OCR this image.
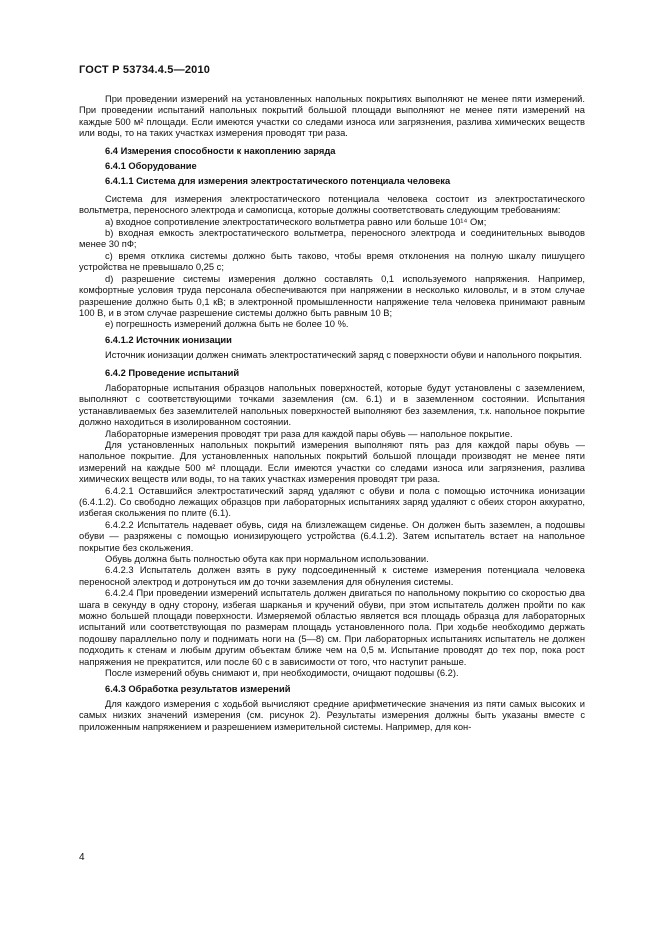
ГОСТ Р 53734.4.5—2010

При проведении измерений на установленных напольных покрытиях выполняют не менее пяти измерений. При проведении испытаний напольных покрытий большой площади выполняют не менее пяти измерений на каждые 500 м² площади. Если имеются участки со следами износа или загрязнения, разлива химических веществ или воды, то на таких участках измерения проводят три раза.

6.4 Измерения способности к накоплению заряда

6.4.1 Оборудование

6.4.1.1 Система для измерения электростатического потенциала человека

Система для измерения электростатического потенциала человека состоит из электростатического вольтметра, переносного электрода и самописца, которые должны соответствовать следующим требованиям:

a) входное сопротивление электростатического вольтметра равно или больше 10¹⁴ Ом;

b) входная емкость электростатического вольтметра, переносного электрода и соединительных выводов менее 30 пФ;

c) время отклика системы должно быть таково, чтобы время отклонения на полную шкалу пишущего устройства не превышало 0,25 с;

d) разрешение системы измерения должно составлять 0,1 используемого напряжения. Например, комфортные условия труда персонала обеспечиваются при напряжении в несколько киловольт, и в этом случае разрешение должно быть 0,1 кВ; в электронной промышленности напряжение тела человека принимают равным 100 В, и в этом случае разрешение системы должно быть равным 10 В;

e) погрешность измерений должна быть не более 10 %.

6.4.1.2 Источник ионизации

Источник ионизации должен снимать электростатический заряд с поверхности обуви и напольного покрытия.

6.4.2 Проведение испытаний

Лабораторные испытания образцов напольных поверхностей, которые будут установлены с заземлением, выполняют с соответствующими точками заземления (см. 6.1) и в заземленном состоянии. Испытания устанавливаемых без заземлителей напольных поверхностей выполняют без заземления, т.к. напольное покрытие должно находиться в изолированном состоянии.

Лабораторные измерения проводят три раза для каждой пары обувь — напольное покрытие.

Для установленных напольных покрытий измерения выполняют пять раз для каждой пары обувь — напольное покрытие. Для установленных напольных покрытий большой площади производят не менее пяти измерений на каждые 500 м² площади. Если имеются участки со следами износа или загрязнения, разлива химических веществ или воды, то на таких участках измерения проводят три раза.

6.4.2.1 Оставшийся электростатический заряд удаляют с обуви и пола с помощью источника ионизации (6.4.1.2). Со свободно лежащих образцов при лабораторных испытаниях заряд удаляют с обеих сторон аккуратно, избегая скольжения по плите (6.1).

6.4.2.2 Испытатель надевает обувь, сидя на близлежащем сиденье. Он должен быть заземлен, а подошвы обуви — разряжены с помощью ионизирующего устройства (6.4.1.2). Затем испытатель встает на напольное покрытие без скольжения.

Обувь должна быть полностью обута как при нормальном использовании.

6.4.2.3 Испытатель должен взять в руку подсоединенный к системе измерения потенциала человека переносной электрод и дотронуться им до точки заземления для обнуления системы.

6.4.2.4 При проведении измерений испытатель должен двигаться по напольному покрытию со скоростью два шага в секунду в одну сторону, избегая шарканья и кручений обуви, при этом испытатель должен пройти по как можно большей площади поверхности. Измеряемой областью является вся площадь образца для лабораторных испытаний или соответствующая по размерам площадь установленного пола. При ходьбе необходимо держать подошву параллельно полу и поднимать ноги на (5—8) см. При лабораторных испытаниях испытатель не должен подходить к стенам и любым другим объектам ближе чем на 0,5 м. Испытание проводят до тех пор, пока рост напряжения не прекратится, или после 60 с в зависимости от того, что наступит раньше.

После измерений обувь снимают и, при необходимости, очищают подошвы (6.2).

6.4.3 Обработка результатов измерений

Для каждого измерения с ходьбой вычисляют средние арифметические значения из пяти самых высоких и самых низких значений измерения (см. рисунок 2). Результаты измерения должны быть указаны вместе с приложенным напряжением и разрешением измерительной системы. Например, для кон-

4
